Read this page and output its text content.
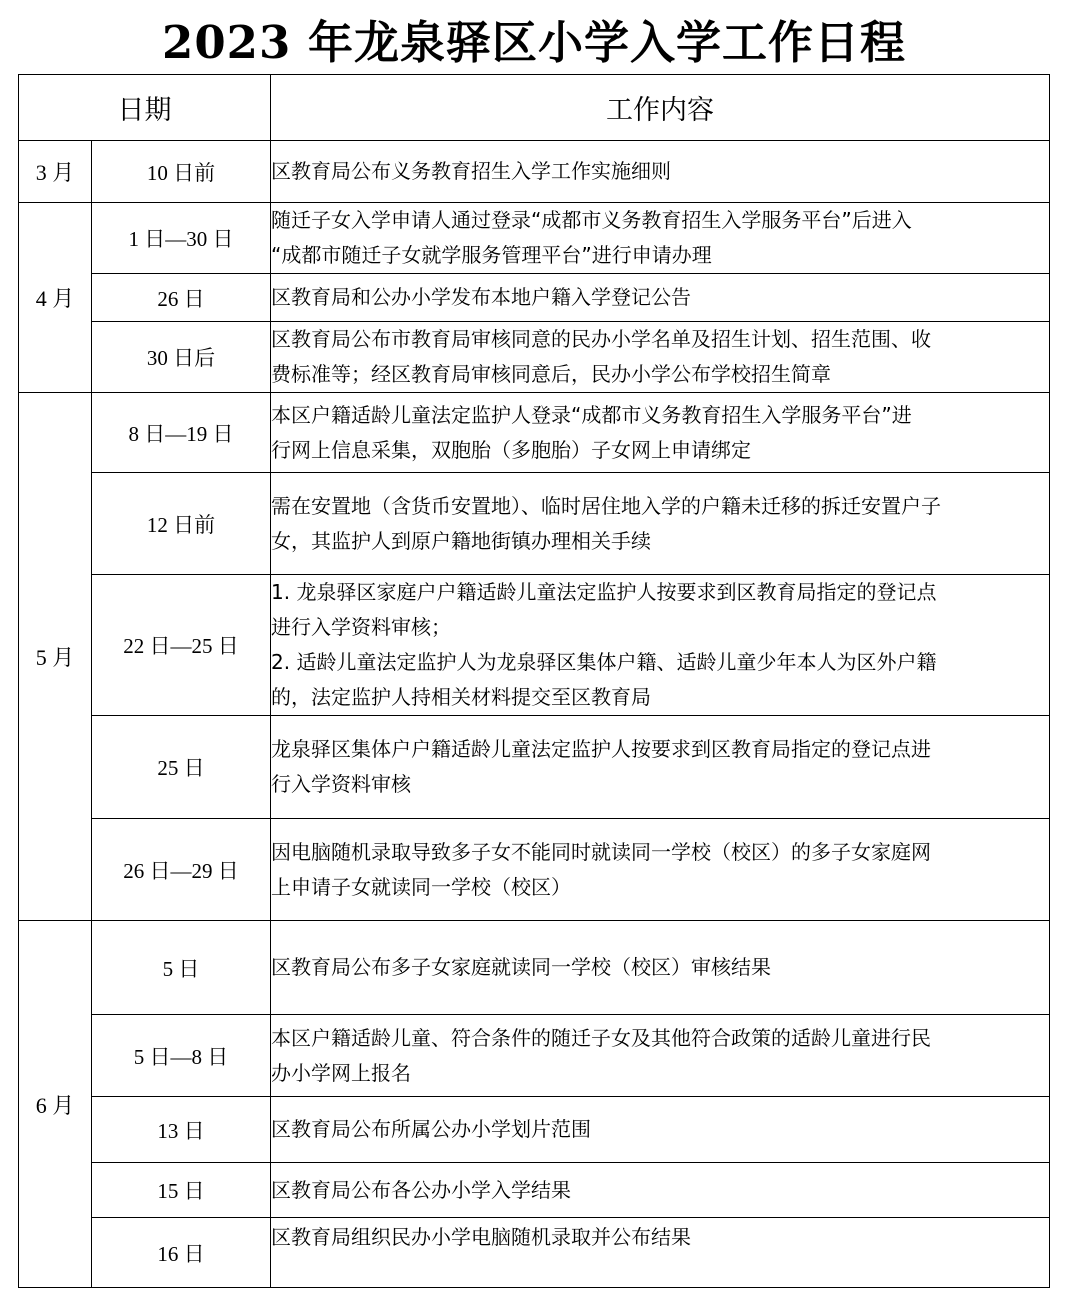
2023 年龙泉驿区小学入学工作日程
日期		工作内容
3 月	10 日前	区教育局公布义务教育招生入学工作实施细则

4 月	1 日—30 日	随迁子女入学申请人通过登录“成都市义务教育招生入学服务平台”后进入
“成都市随迁子女就学服务管理平台”进行申请办理

	26 日	区教育局和公办小学发布本地户籍入学登记公告

	30 日后	区教育局公布市教育局审核同意的民办小学名单及招生计划、招生范围、收
费标准等；经区教育局审核同意后，民办小学公布学校招生简章

5 月	8 日—19 日	本区户籍适龄儿童法定监护人登录“成都市义务教育招生入学服务平台”进
行网上信息采集，双胞胎（多胞胎）子女网上申请绑定

	12 日前	需在安置地（含货币安置地）、临时居住地入学的户籍未迁移的拆迁安置户子
女，其监护人到原户籍地街镇办理相关手续

	22 日—25 日	1. 龙泉驿区家庭户户籍适龄儿童法定监护人按要求到区教育局指定的登记点
进行入学资料审核；
2. 适龄儿童法定监护人为龙泉驿区集体户籍、适龄儿童少年本人为区外户籍
的，法定监护人持相关材料提交至区教育局

	25 日	龙泉驿区集体户户籍适龄儿童法定监护人按要求到区教育局指定的登记点进
行入学资料审核

	26 日—29 日	因电脑随机录取导致多子女不能同时就读同一学校（校区）的多子女家庭网
上申请子女就读同一学校（校区）

6 月	5 日	区教育局公布多子女家庭就读同一学校（校区）审核结果

	5 日—8 日	本区户籍适龄儿童、符合条件的随迁子女及其他符合政策的适龄儿童进行民
办小学网上报名

	13 日	区教育局公布所属公办小学划片范围

	15 日	区教育局公布各公办小学入学结果

	16 日	区教育局组织民办小学电脑随机录取并公布结果
